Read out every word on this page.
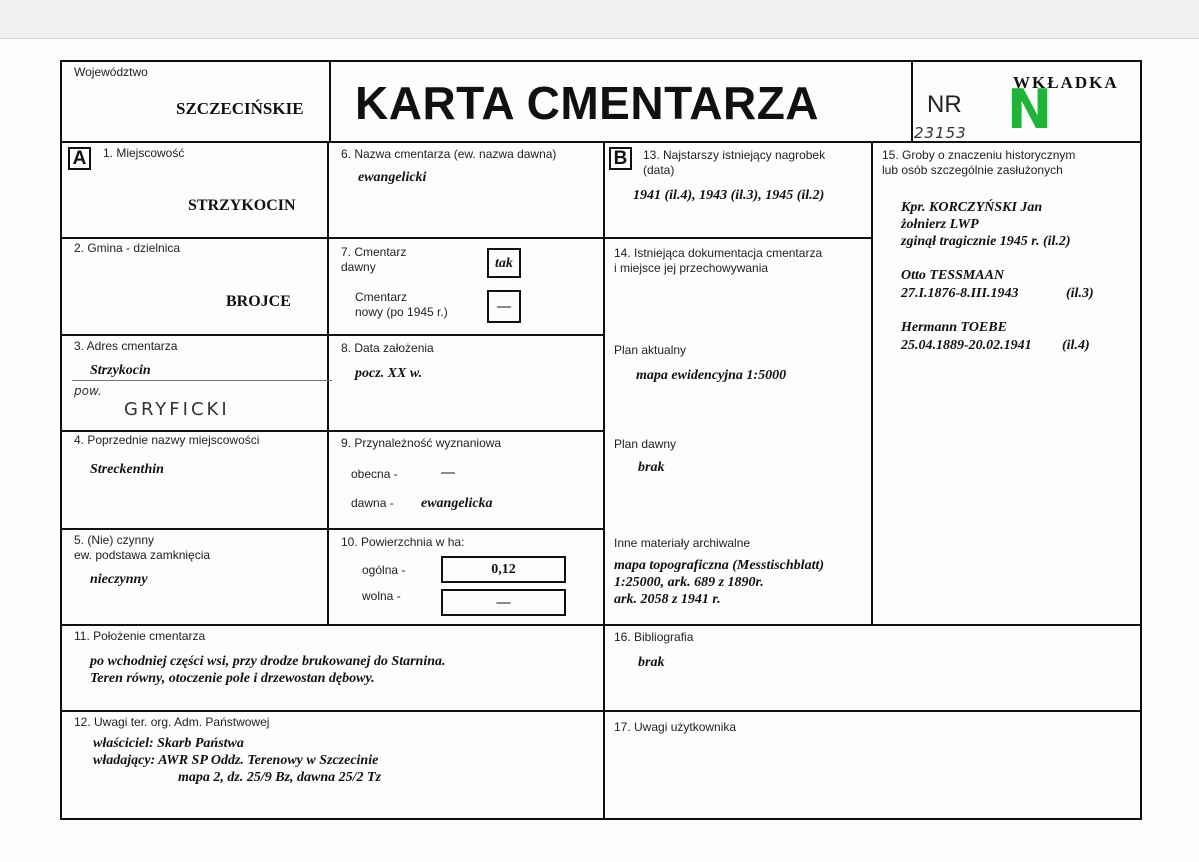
Województwo
SZCZECIŃSKIE KARTA CMENTARZA	NR
23153
WKŁADKA
N
A	B
1. Miejscowość
STRZYKOCIN
2. Gmina - dzielnica
BROJCE
3. Adres cmentarza
Strzykocin
pow.
GRYFICKI
4. Poprzednie nazwy miejscowości
Streckenthin
5. (Nie) czynny
ew. podstawa zamknięcia
nieczynny
6. Nazwa cmentarza (ew. nazwa dawna)
ewangelicki
7. Cmentarz
dawny	tak
Cmentarz
nowy (po 1945 r.)	—
8. Data założenia
pocz. XX w.
9. Przynależność wyznaniowa
obecna -	—
dawna - ewangelicka
10. Powierzchnia w ha:
ogólna -	0,12
wolna -	—
11. Położenie cmentarza
po wchodniej części wsi, przy drodze brukowanej do Starnina.
Teren równy, otoczenie pole i drzewostan dębowy.
12. Uwagi ter. org. Adm. Państwowej
właściciel: Skarb Państwa
władający: AWR SP Oddz. Terenowy w Szczecinie
mapa 2, dz. 25/9 Bz, dawna 25/2 Tz
13. Najstarszy istniejący nagrobek
(data)
1941 (il.4), 1943 (il.3), 1945 (il.2)
14. Istniejąca dokumentacja cmentarza
i miejsce jej przechowywania
Plan aktualny
mapa ewidencyjna 1:5000
Plan dawny
brak
Inne materiały archiwalne
mapa topograficzna (Messtischblatt)
1:25000, ark. 689 z 1890r.
ark. 2058 z 1941 r.
15. Groby o znaczeniu historycznym
lub osób szczególnie zasłużonych
Kpr. KORCZYŃSKI Jan
żołnierz LWP
zginął tragicznie 1945 r. (il.2)
Otto TESSMAAN
27.I.1876-8.III.1943	(il.3)
Hermann TOEBE
25.04.1889-20.02.1941 (il.4)
16. Bibliografia
brak
17. Uwagi użytkownika
